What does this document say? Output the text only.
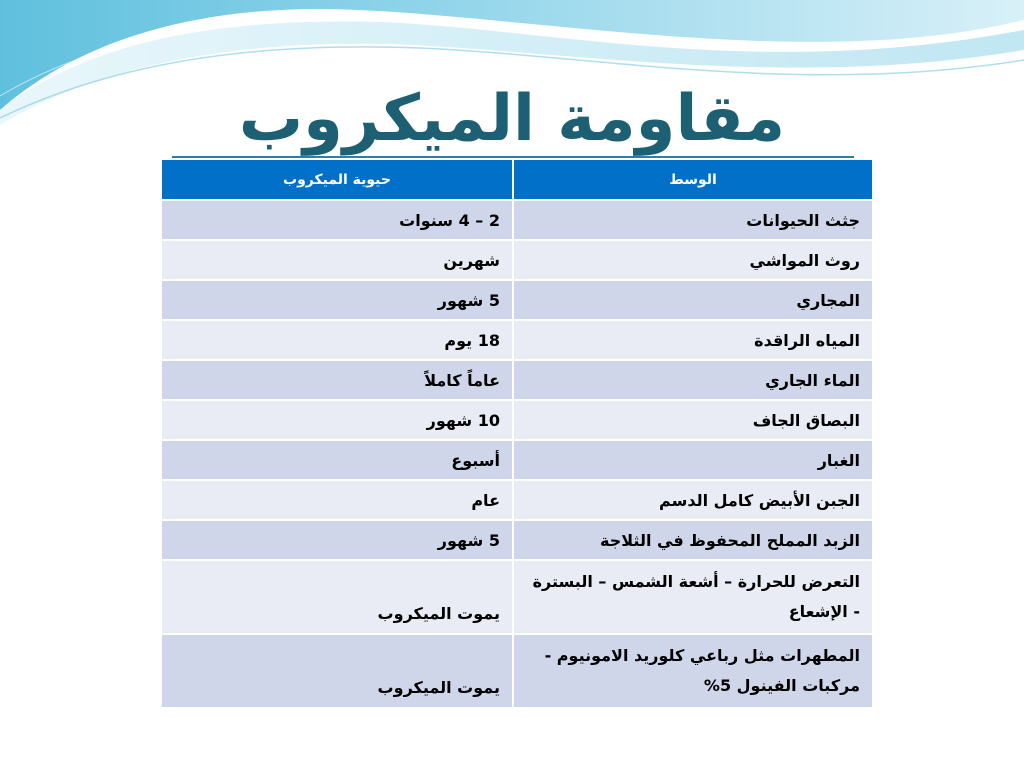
مقاومة الميكروب
الوسط	حيوية الميكروب
جثث الحيوانات	2 – 4 سنوات
روث المواشي	شهرين
المجاري	5 شهور
المياه الراقدة	18 يوم
الماء الجاري	عاماً كاملاً
البصاق الجاف	10 شهور
الغبار	أسبوع
الجبن الأبيض كامل الدسم	عام
الزبد المملح المحفوظ في الثلاجة	5 شهور
التعرض للحرارة – أشعة الشمس – البسترة - الإشعاع	يموت الميكروب
المطهرات مثل رباعي كلوريد الامونيوم - مركبات الفينول 5%	يموت الميكروب
